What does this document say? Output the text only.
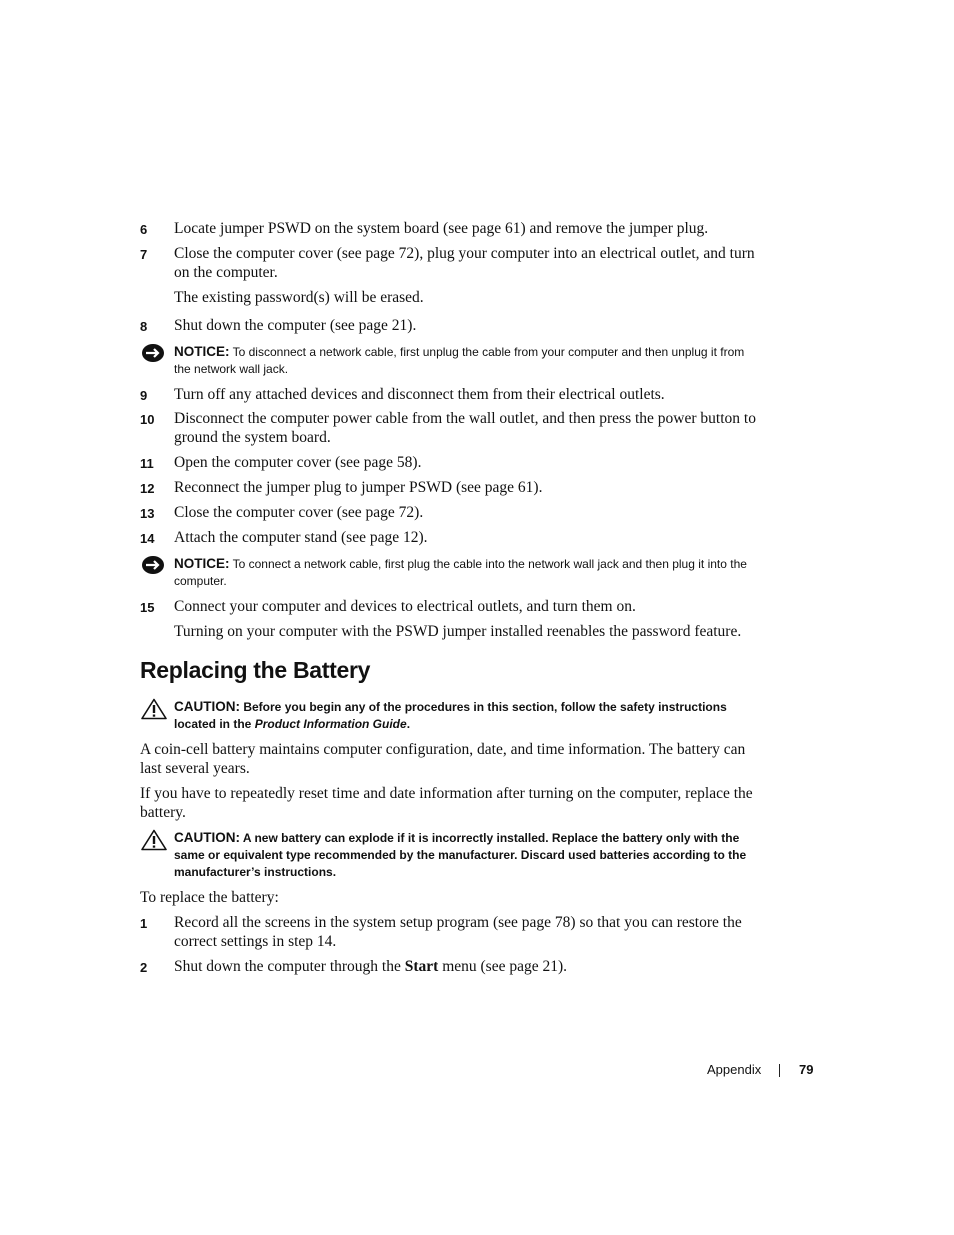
6	Locate jumper PSWD on the system board (see page 61) and remove the jumper plug.
7	Close the computer cover (see page 72), plug your computer into an electrical outlet, and turn on the computer.
The existing password(s) will be erased.
8	Shut down the computer (see page 21).
NOTICE: To disconnect a network cable, first unplug the cable from your computer and then unplug it from the network wall jack.
9	Turn off any attached devices and disconnect them from their electrical outlets.
10	Disconnect the computer power cable from the wall outlet, and then press the power button to ground the system board.
11	Open the computer cover (see page 58).
12	Reconnect the jumper plug to jumper PSWD (see page 61).
13	Close the computer cover (see page 72).
14	Attach the computer stand (see page 12).
NOTICE: To connect a network cable, first plug the cable into the network wall jack and then plug it into the computer.
15	Connect your computer and devices to electrical outlets, and turn them on.
Turning on your computer with the PSWD jumper installed reenables the password feature.
Replacing the Battery
CAUTION: Before you begin any of the procedures in this section, follow the safety instructions located in the Product Information Guide.
A coin-cell battery maintains computer configuration, date, and time information. The battery can last several years.
If you have to repeatedly reset time and date information after turning on the computer, replace the battery.
CAUTION: A new battery can explode if it is incorrectly installed. Replace the battery only with the same or equivalent type recommended by the manufacturer. Discard used batteries according to the manufacturer’s instructions.
To replace the battery:
1	Record all the screens in the system setup program (see page 78) so that you can restore the correct settings in step 14.
2	Shut down the computer through the Start menu (see page 21).
Appendix	79
